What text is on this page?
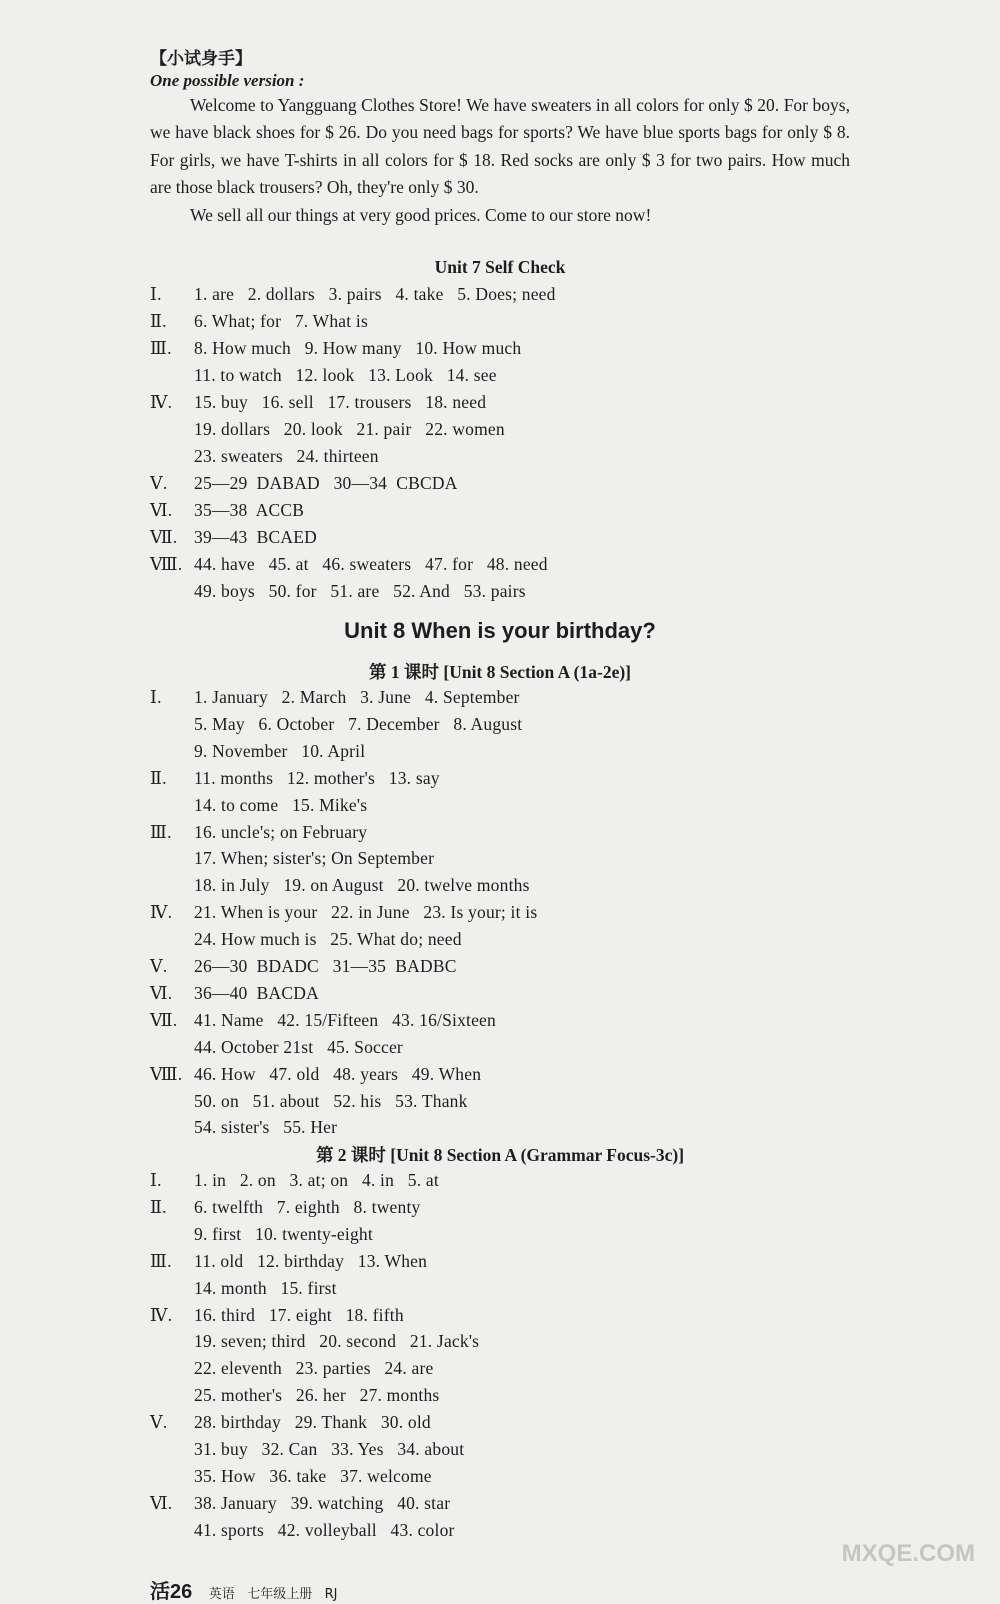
【小试身手】
One possible version :

Welcome to Yangguang Clothes Store! We have sweaters in all colors for only $ 20. For boys, we have black shoes for $ 26. Do you need bags for sports? We have blue sports bags for only $ 8. For girls, we have T-shirts in all colors for $ 18. Red socks are only $ 3 for two pairs. How much are those black trousers? Oh, they're only $ 30.

We sell all our things at very good prices. Come to our store now!

Unit 7 Self Check
Ⅰ. 1. are   2. dollars   3. pairs   4. take   5. Does; need
Ⅱ. 6. What; for   7. What is
Ⅲ. 8. How much   9. How many   10. How much
11. to watch   12. look   13. Look   14. see
Ⅳ. 15. buy   16. sell   17. trousers   18. need
19. dollars   20. look   21. pair   22. women
23. sweaters   24. thirteen
Ⅴ. 25—29  DABAD   30—34  CBCDA
Ⅵ. 35—38  ACCB
Ⅶ. 39—43  BCAED
Ⅷ. 44. have   45. at   46. sweaters   47. for   48. need
49. boys   50. for   51. are   52. And   53. pairs
Unit 8 When is your birthday?
第 1 课时 [Unit 8 Section A (1a-2e)]
Ⅰ. 1. January   2. March   3. June   4. September
5. May   6. October   7. December   8. August
9. November   10. April
Ⅱ. 11. months   12. mother's   13. say
14. to come   15. Mike's
Ⅲ. 16. uncle's; on February
17. When; sister's; On September
18. in July   19. on August   20. twelve months
Ⅳ. 21. When is your   22. in June   23. Is your; it is
24. How much is   25. What do; need
Ⅴ. 26—30  BDADC   31—35  BADBC
Ⅵ. 36—40  BACDA
Ⅶ. 41. Name   42. 15/Fifteen   43. 16/Sixteen
44. October 21st   45. Soccer
Ⅷ. 46. How   47. old   48. years   49. When
50. on   51. about   52. his   53. Thank
54. sister's   55. Her
第 2 课时 [Unit 8 Section A (Grammar Focus-3c)]
Ⅰ. 1. in   2. on   3. at; on   4. in   5. at
Ⅱ. 6. twelfth   7. eighth   8. twenty
9. first   10. twenty-eight
Ⅲ. 11. old   12. birthday   13. When
14. month   15. first
Ⅳ. 16. third   17. eight   18. fifth
19. seven; third   20. second   21. Jack's
22. eleventh   23. parties   24. are
25. mother's   26. her   27. months
Ⅴ. 28. birthday   29. Thank   30. old
31. buy   32. Can   33. Yes   34. about
35. How   36. take   37. welcome
Ⅵ. 38. January   39. watching   40. star
41. sports   42. volleyball   43. color
活26 英语 七年级上册 RJ
MXQE.COM
